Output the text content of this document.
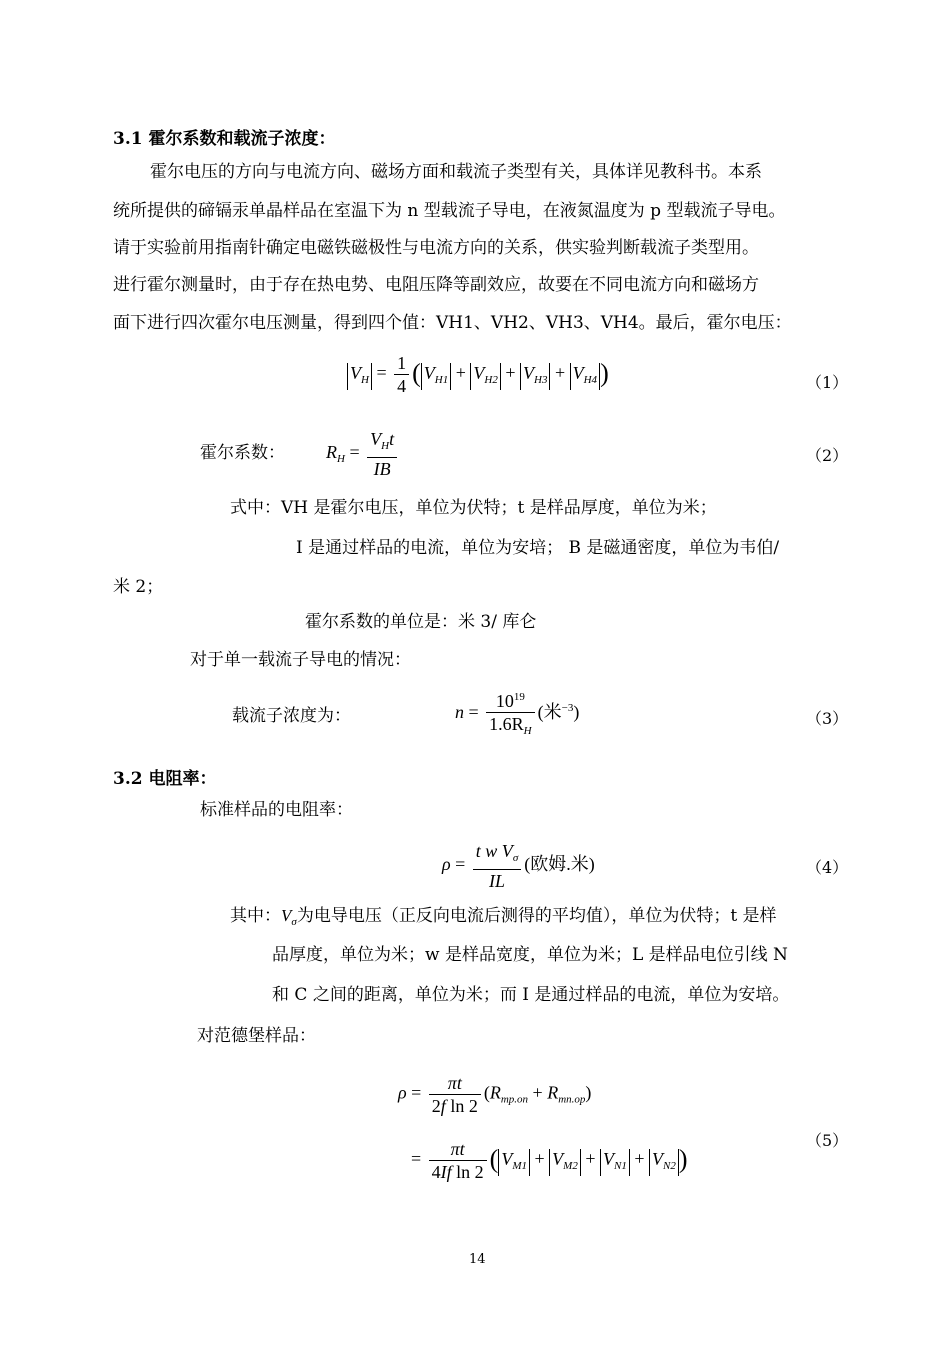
3.1 霍尔系数和载流子浓度：
霍尔电压的方向与电流方向、磁场方面和载流子类型有关，具体详见教科书。本系
统所提供的碲镉汞单晶样品在室温下为 n 型载流子导电，在液氮温度为 p 型载流子导电。
请于实验前用指南针确定电磁铁磁极性与电流方向的关系，供实验判断载流子类型用。
进行霍尔测量时，由于存在热电势、电阻压降等副效应，故要在不同电流方向和磁场方
面下进行四次霍尔电压测量，得到四个值：VH1、VH2、VH3、VH4。最后，霍尔电压：
$V_H = \frac{1}{4}$ ( $V_{H1} + V_{H2} + V_{H3} + V_{H4}$ )	（1）
霍尔系数： $R_H = \frac{V_Ht}{IB}$	（2）
式中：VH 是霍尔电压，单位为伏特；t 是样品厚度，单位为米；
I 是通过样品的电流，单位为安培； B 是磁通密度，单位为韦伯/
米 2；
霍尔系数的单位是：米 3/ 库仑
对于单一载流子导电的情况：
载流子浓度为：	$n = \frac{10^{19}}{1.6R_H}$ (米$^{-3}$)	（3）
3.2 电阻率：
标准样品的电阻率：
$\rho = \frac{t w V_\sigma}{IL}$ (欧姆.米)	（4）
其中：$V_\sigma$为电导电压（正反向电流后测得的平均值），单位为伏特；t 是样
品厚度，单位为米；w 是样品宽度，单位为米；L 是样品电位引线 N
和 C 之间的距离，单位为米；而 I 是通过样品的电流，单位为安培。
对范德堡样品：
$\rho = \frac{\pi t}{\text{2f ln 2}} (R_{mp.on} + R_{mn.op})$
= $\frac{\pi t}{\text{4If ln 2}}$ ( $V_{M1} + V_{M2} + V_{N1} + V_{N2}$ )
（5）
14
